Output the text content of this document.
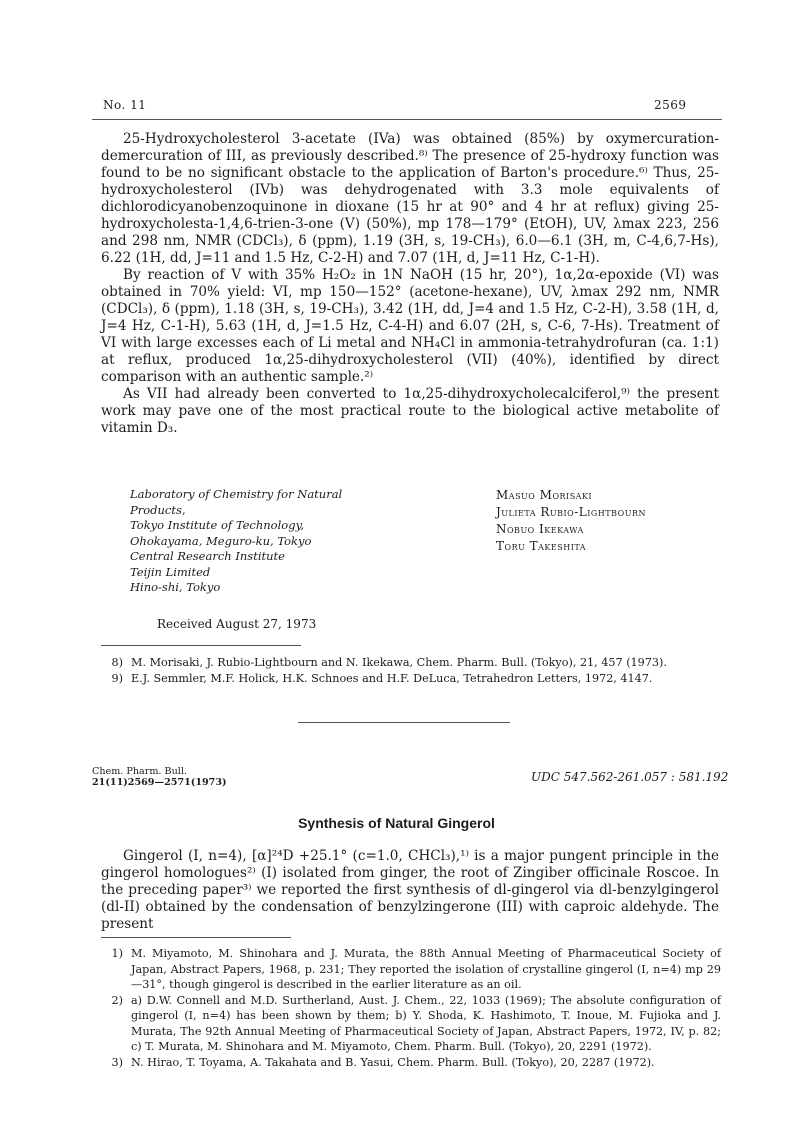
No. 11	2569

25-Hydroxycholesterol 3-acetate (IVa) was obtained (85%) by oxymercuration-demercuration of III, as previously described.⁸⁾ The presence of 25-hydroxy function was found to be no significant obstacle to the application of Barton's procedure.⁶⁾ Thus, 25-hydroxycholesterol (IVb) was dehydrogenated with 3.3 mole equivalents of dichlorodicyanobenzoquinone in dioxane (15 hr at 90° and 4 hr at reflux) giving 25-hydroxycholesta-1,4,6-trien-3-one (V) (50%), mp 178—179° (EtOH), UV, λmax 223, 256 and 298 nm, NMR (CDCl₃), δ (ppm), 1.19 (3H, s, 19-CH₃), 6.0—6.1 (3H, m, C-4,6,7-Hs), 6.22 (1H, dd, J=11 and 1.5 Hz, C-2-H) and 7.07 (1H, d, J=11 Hz, C-1-H).

By reaction of V with 35% H₂O₂ in 1N NaOH (15 hr, 20°), 1α,2α-epoxide (VI) was obtained in 70% yield: VI, mp 150—152° (acetone-hexane), UV, λmax 292 nm, NMR (CDCl₃), δ (ppm), 1.18 (3H, s, 19-CH₃), 3.42 (1H, dd, J=4 and 1.5 Hz, C-2-H), 3.58 (1H, d, J=4 Hz, C-1-H), 5.63 (1H, d, J=1.5 Hz, C-4-H) and 6.07 (2H, s, C-6, 7-Hs). Treatment of VI with large excesses each of Li metal and NH₄Cl in ammonia-tetrahydrofuran (ca. 1:1) at reflux, produced 1α,25-dihydroxycholesterol (VII) (40%), identified by direct comparison with an authentic sample.²⁾

As VII had already been converted to 1α,25-dihydroxycholecalciferol,⁹⁾ the present work may pave one of the most practical route to the biological active metabolite of vitamin D₃.

Laboratory of Chemistry for Natural
Products,
Tokyo Institute of Technology,
Ohokayama, Meguro-ku, Tokyo
Central Research Institute
Teijin Limited
Hino-shi, Tokyo
Masuo Morisaki
Julieta Rubio-Lightbourn
Nobuo Ikekawa
Toru Takeshita
Received August 27, 1973
8) M. Morisaki, J. Rubio-Lightbourn and N. Ikekawa, Chem. Pharm. Bull. (Tokyo), 21, 457 (1973).
9) E.J. Semmler, M.F. Holick, H.K. Schnoes and H.F. DeLuca, Tetrahedron Letters, 1972, 4147.
Chem. Pharm. Bull.
21(11)2569—2571(1973)	UDC 547.562-261.057 : 581.192
Synthesis of Natural Gingerol

Gingerol (I, n=4), [α]²⁴D +25.1° (c=1.0, CHCl₃),¹⁾ is a major pungent principle in the gingerol homologues²⁾ (I) isolated from ginger, the root of Zingiber officinale Roscoe. In the preceding paper³⁾ we reported the first synthesis of dl-gingerol via dl-benzylgingerol (dl-II) obtained by the condensation of benzylzingerone (III) with caproic aldehyde. The present

1) M. Miyamoto, M. Shinohara and J. Murata, the 88th Annual Meeting of Pharmaceutical Society of Japan, Abstract Papers, 1968, p. 231; They reported the isolation of crystalline gingerol (I, n=4) mp 29—31°, though gingerol is described in the earlier literature as an oil.
2) a) D.W. Connell and M.D. Surtherland, Aust. J. Chem., 22, 1033 (1969); The absolute configuration of gingerol (I, n=4) has been shown by them; b) Y. Shoda, K. Hashimoto, T. Inoue, M. Fujioka and J. Murata, The 92th Annual Meeting of Pharmaceutical Society of Japan, Abstract Papers, 1972, IV, p. 82; c) T. Murata, M. Shinohara and M. Miyamoto, Chem. Pharm. Bull. (Tokyo), 20, 2291 (1972).
3) N. Hirao, T. Toyama, A. Takahata and B. Yasui, Chem. Pharm. Bull. (Tokyo), 20, 2287 (1972).
